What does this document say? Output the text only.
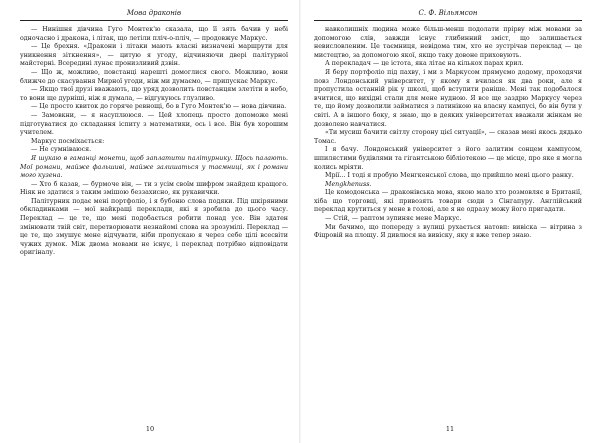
Мова драконів

— Нинішня дівчина Гуго Монтек'ю сказала, що її зять бачив у небі одночасно і дракона, і літак, що летіли пліч-о-пліч, — продовжує Маркус.

— Це брехня. «Дракони і літаки мають власні визначені маршрути для уникнення зіткнення», — цитую я угоду, відчиняючи двері палітурної майстерні. Всередині лунає пронизливий дзвін.

— Що ж, можливо, повстанці нарешті домоглися свого. Можливо, вони ближче до скасування Мирної угоди, ніж ми думаємо, — припускає Маркус.

— Якщо твої друзі вважають, що уряд дозволить повстанцям злетіти в небо, то вони ще дурніші, ніж я думала, — відгукуюсь глузливо.

— Це просто квиток до горяче ревнощі, бо в Гуго Монтек'ю — нова дівчина.

— Замовкни, — я насуплююся. — Цей хлопець просто допоможе мені підготуватися до складання іспиту з математики, ось і все. Він був хорошим учителем.

Маркус посміхається:

— Не сумніваюся.

Я шукаю в гаманці монети, щоб заплатити палітурнику. Щось палають. Мої романи, майже фальшиві, майже залишаться у таємниці, як і романи мого кузена.

— Хто б казав, — бурмоче він, — ти з усім своїм шифром знайдеш кращого. Ніяк не здатися з таким змішою беззахисно, як рукавички.

Палітурник подає мені портфоліо, і я бубоню слова подяки. Під шкіряними обкладинками — мої найкращі переклади, які я зробила до цього часу. Переклад — це те, що мені подобається робити понад усе. Він здатен змінювати твій світ, перетворювати незнайомі слова на зрозумілі. Переклад — це те, що змушує мене відчувати, ніби пропускаю я через себе цілі всесвіти чужих думок. Між двома мовами не існує, і переклад потрібно відповідати оригіналу.

10
С. Ф. Вільямсон

навколишніх людина може більш-менш подолати прірву між мовами за допомогою слів, завжди існує глибинний зміст, що залишається невисловленим. Це таємниця, невідома тим, хто не зустрічав переклад — це мистецтво, за допомогою якої, якщо таку довоне приховують.

А перекладач — це істота, яка літає на кількох парах крил.

Я беру портфоліо під пахву, і ми з Маркусом прямуємо додому, проходячи повз Лондонський університет, у якому я вчилася як два роки, але я пропустила останній рік у школі, щоб вступити раніше. Мені так подобалося вчитися, що вихідні стали для мене нудною. Я все ще заздрю Маркусу через те, що йому дозволили займатися з латинікою на власну кампусі, бо він бути у світі. А в іншого боку, я знаю, що в деяких університетах вважали жінкам не дозволено навчатися.

«Ти мусиш бачити світлу сторону цієї ситуації», — сказав мені якось дядько Томас.

І я бачу. Лондонський університет з його залитим сонцем кампусом, шпилястими будівлями та гігантською бібліотекою — це місце, про яке я могла колись мріяти.

Мрії... І тоді я пробую Менгкенської слова, що прийшло мені цього ранку.

Mengkhenuss.

Це комодонська — драконівська мова, якою мало хто розмовляє в Британії, хіба що торговці, які привозять товари сюди з Сінгапуру. Англійський переклад крутиться у мене в голові, але я не одразу можу його пригадати.

— Стій, — раптом зупиняє мене Маркус.

Ми бачимо, що попереду з вулиці рухається натовп: вивіска — вітрина з Фіцровій на площу. Я дивлюся на вивіску, яку я вже тепер знаю.

11
